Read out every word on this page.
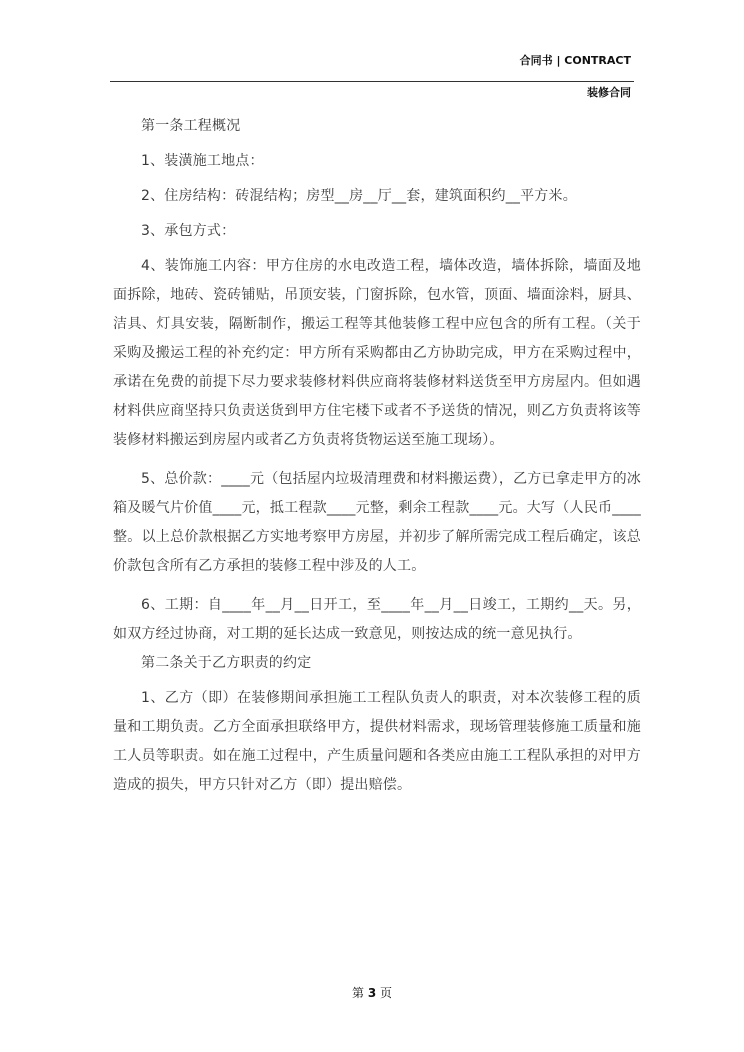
合同书 | CONTRACT
装修合同

第一条工程概况

1、装潢施工地点：

2、住房结构：砖混结构；房型__房__厅__套，建筑面积约__平方米。

3、承包方式：

4、装饰施工内容：甲方住房的水电改造工程，墙体改造，墙体拆除，墙面及地面拆除，地砖、瓷砖铺贴，吊顶安装，门窗拆除，包水管，顶面、墙面涂料，厨具、洁具、灯具安装，隔断制作，搬运工程等其他装修工程中应包含的所有工程。（关于采购及搬运工程的补充约定：甲方所有采购都由乙方协助完成，甲方在采购过程中，承诺在免费的前提下尽力要求装修材料供应商将装修材料送货至甲方房屋内。但如遇材料供应商坚持只负责送货到甲方住宅楼下或者不予送货的情况，则乙方负责将该等装修材料搬运到房屋内或者乙方负责将货物运送至施工现场）。

5、总价款：____元（包括屋内垃圾清理费和材料搬运费），乙方已拿走甲方的冰箱及暖气片价值____元，抵工程款____元整，剩余工程款____元。大写（人民币____整。以上总价款根据乙方实地考察甲方房屋，并初步了解所需完成工程后确定，该总价款包含所有乙方承担的装修工程中涉及的人工。

6、工期：自____年__月__日开工，至____年__月__日竣工，工期约__天。另，如双方经过协商，对工期的延长达成一致意见，则按达成的统一意见执行。

第二条关于乙方职责的约定

1、乙方（即）在装修期间承担施工工程队负责人的职责，对本次装修工程的质量和工期负责。乙方全面承担联络甲方，提供材料需求，现场管理装修施工质量和施工人员等职责。如在施工过程中，产生质量问题和各类应由施工工程队承担的对甲方造成的损失，甲方只针对乙方（即）提出赔偿。

第 3 页
